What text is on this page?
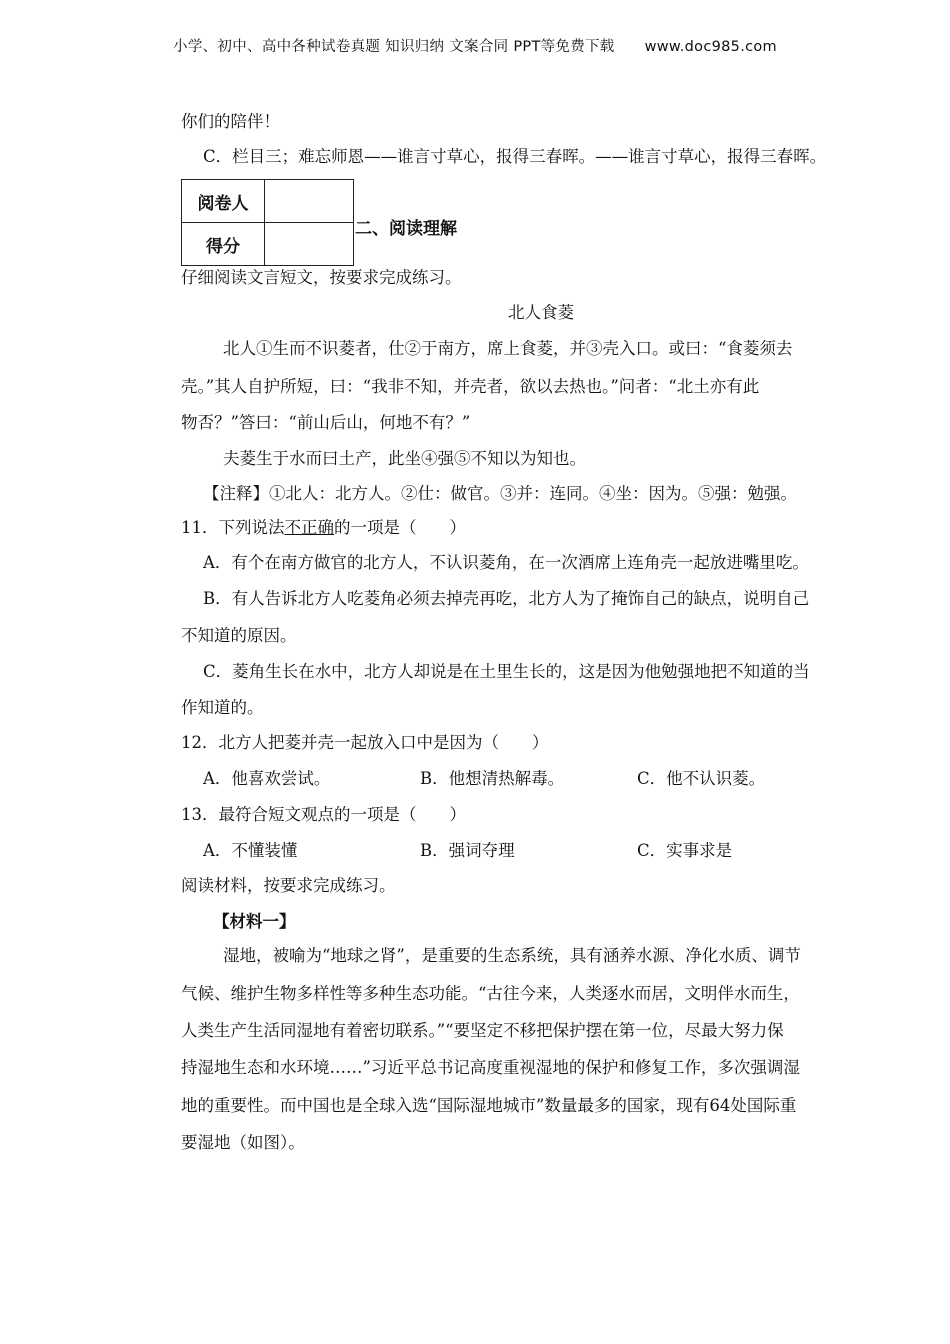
小学、初中、高中各种试卷真题 知识归纳 文案合同 PPT等免费下载 www.doc985.com
你们的陪伴！
C．栏目三；难忘师恩——谁言寸草心，报得三春晖。——谁言寸草心，报得三春晖。
阅卷人	
得分	
二、阅读理解
仔细阅读文言短文，按要求完成练习。
北人食菱
北人①生而不识菱者，仕②于南方，席上食菱，并③壳入口。或曰：“食菱须去
壳。”其人自护所短，曰：“我非不知，并壳者，欲以去热也。”问者：“北土亦有此
物否？”答曰：“前山后山，何地不有？”
夫菱生于水而曰土产，此坐④强⑤不知以为知也。
【注释】①北人：北方人。②仕：做官。③并：连同。④坐：因为。⑤强：勉强。
11．下列说法不正确的一项是（　　）
A．有个在南方做官的北方人，不认识菱角，在一次酒席上连角壳一起放进嘴里吃。
B．有人告诉北方人吃菱角必须去掉壳再吃，北方人为了掩饰自己的缺点，说明自己
不知道的原因。
C．菱角生长在水中，北方人却说是在土里生长的，这是因为他勉强地把不知道的当
作知道的。
12．北方人把菱并壳一起放入口中是因为（　　）
A．他喜欢尝试。	B．他想清热解毒。	C．他不认识菱。
13．最符合短文观点的一项是（　　）
A．不懂装懂	B．强词夺理	C．实事求是
阅读材料，按要求完成练习。
【材料一】
湿地，被喻为“地球之肾”，是重要的生态系统，具有涵养水源、净化水质、调节
气候、维护生物多样性等多种生态功能。“古往今来，人类逐水而居，文明伴水而生，
人类生产生活同湿地有着密切联系。”“要坚定不移把保护摆在第一位，尽最大努力保
持湿地生态和水环境……”习近平总书记高度重视湿地的保护和修复工作，多次强调湿
地的重要性。而中国也是全球入选“国际湿地城市”数量最多的国家，现有64处国际重
要湿地（如图）。
